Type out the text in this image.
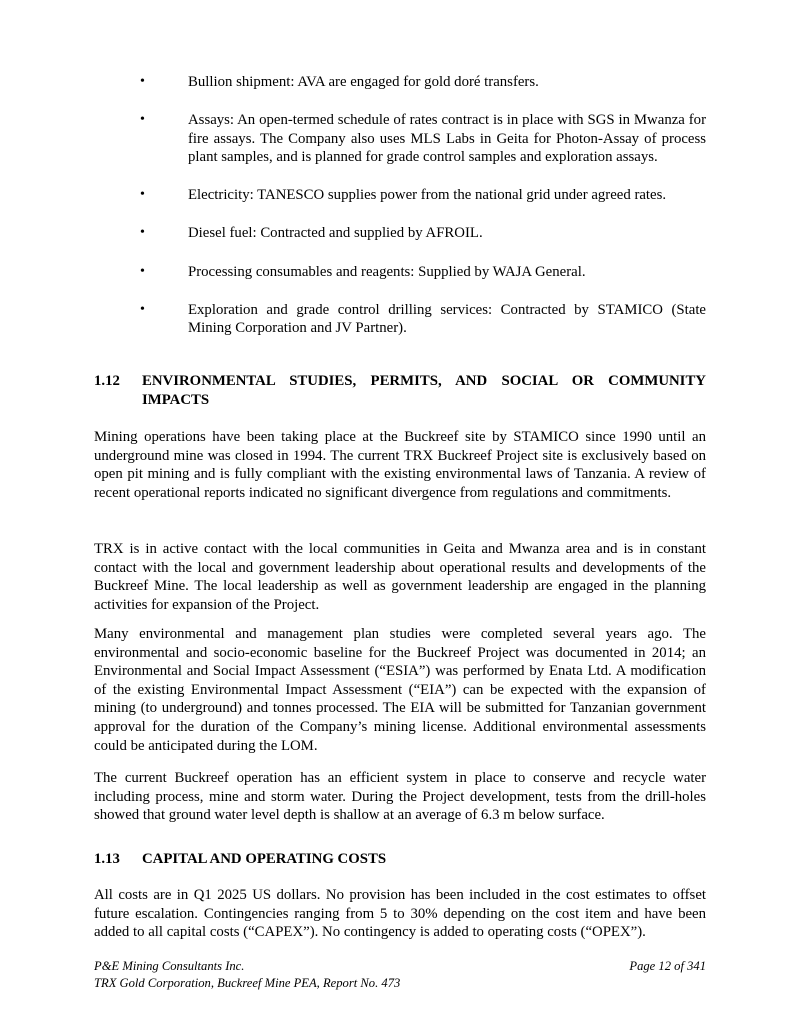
•	Bullion shipment: AVA are engaged for gold doré transfers.
•	Assays: An open-termed schedule of rates contract is in place with SGS in Mwanza for fire assays. The Company also uses MLS Labs in Geita for Photon-Assay of process plant samples, and is planned for grade control samples and exploration assays.
•	Electricity: TANESCO supplies power from the national grid under agreed rates.
•	Diesel fuel: Contracted and supplied by AFROIL.
•	Processing consumables and reagents: Supplied by WAJA General.
•	Exploration and grade control drilling services: Contracted by STAMICO (State Mining Corporation and JV Partner).
1.12	ENVIRONMENTAL STUDIES, PERMITS, AND SOCIAL OR COMMUNITY IMPACTS

Mining operations have been taking place at the Buckreef site by STAMICO since 1990 until an underground mine was closed in 1994. The current TRX Buckreef Project site is exclusively based on open pit mining and is fully compliant with the existing environmental laws of Tanzania. A review of recent operational reports indicated no significant divergence from regulations and commitments.

TRX is in active contact with the local communities in Geita and Mwanza area and is in constant contact with the local and government leadership about operational results and developments of the Buckreef Mine. The local leadership as well as government leadership are engaged in the planning activities for expansion of the Project.

Many environmental and management plan studies were completed several years ago. The environmental and socio-economic baseline for the Buckreef Project was documented in 2014; an Environmental and Social Impact Assessment (“ESIA”) was performed by Enata Ltd. A modification of the existing Environmental Impact Assessment (“EIA”) can be expected with the expansion of mining (to underground) and tonnes processed. The EIA will be submitted for Tanzanian government approval for the duration of the Company’s mining license. Additional environmental assessments could be anticipated during the LOM.

The current Buckreef operation has an efficient system in place to conserve and recycle water including process, mine and storm water. During the Project development, tests from the drill-holes showed that ground water level depth is shallow at an average of 6.3 m below surface.

1.13	CAPITAL AND OPERATING COSTS

All costs are in Q1 2025 US dollars. No provision has been included in the cost estimates to offset future escalation. Contingencies ranging from 5 to 30% depending on the cost item and have been added to all capital costs (“CAPEX”). No contingency is added to operating costs (“OPEX”).

P&E Mining Consultants Inc.
TRX Gold Corporation, Buckreef Mine PEA, Report No. 473
Page 12 of 341
